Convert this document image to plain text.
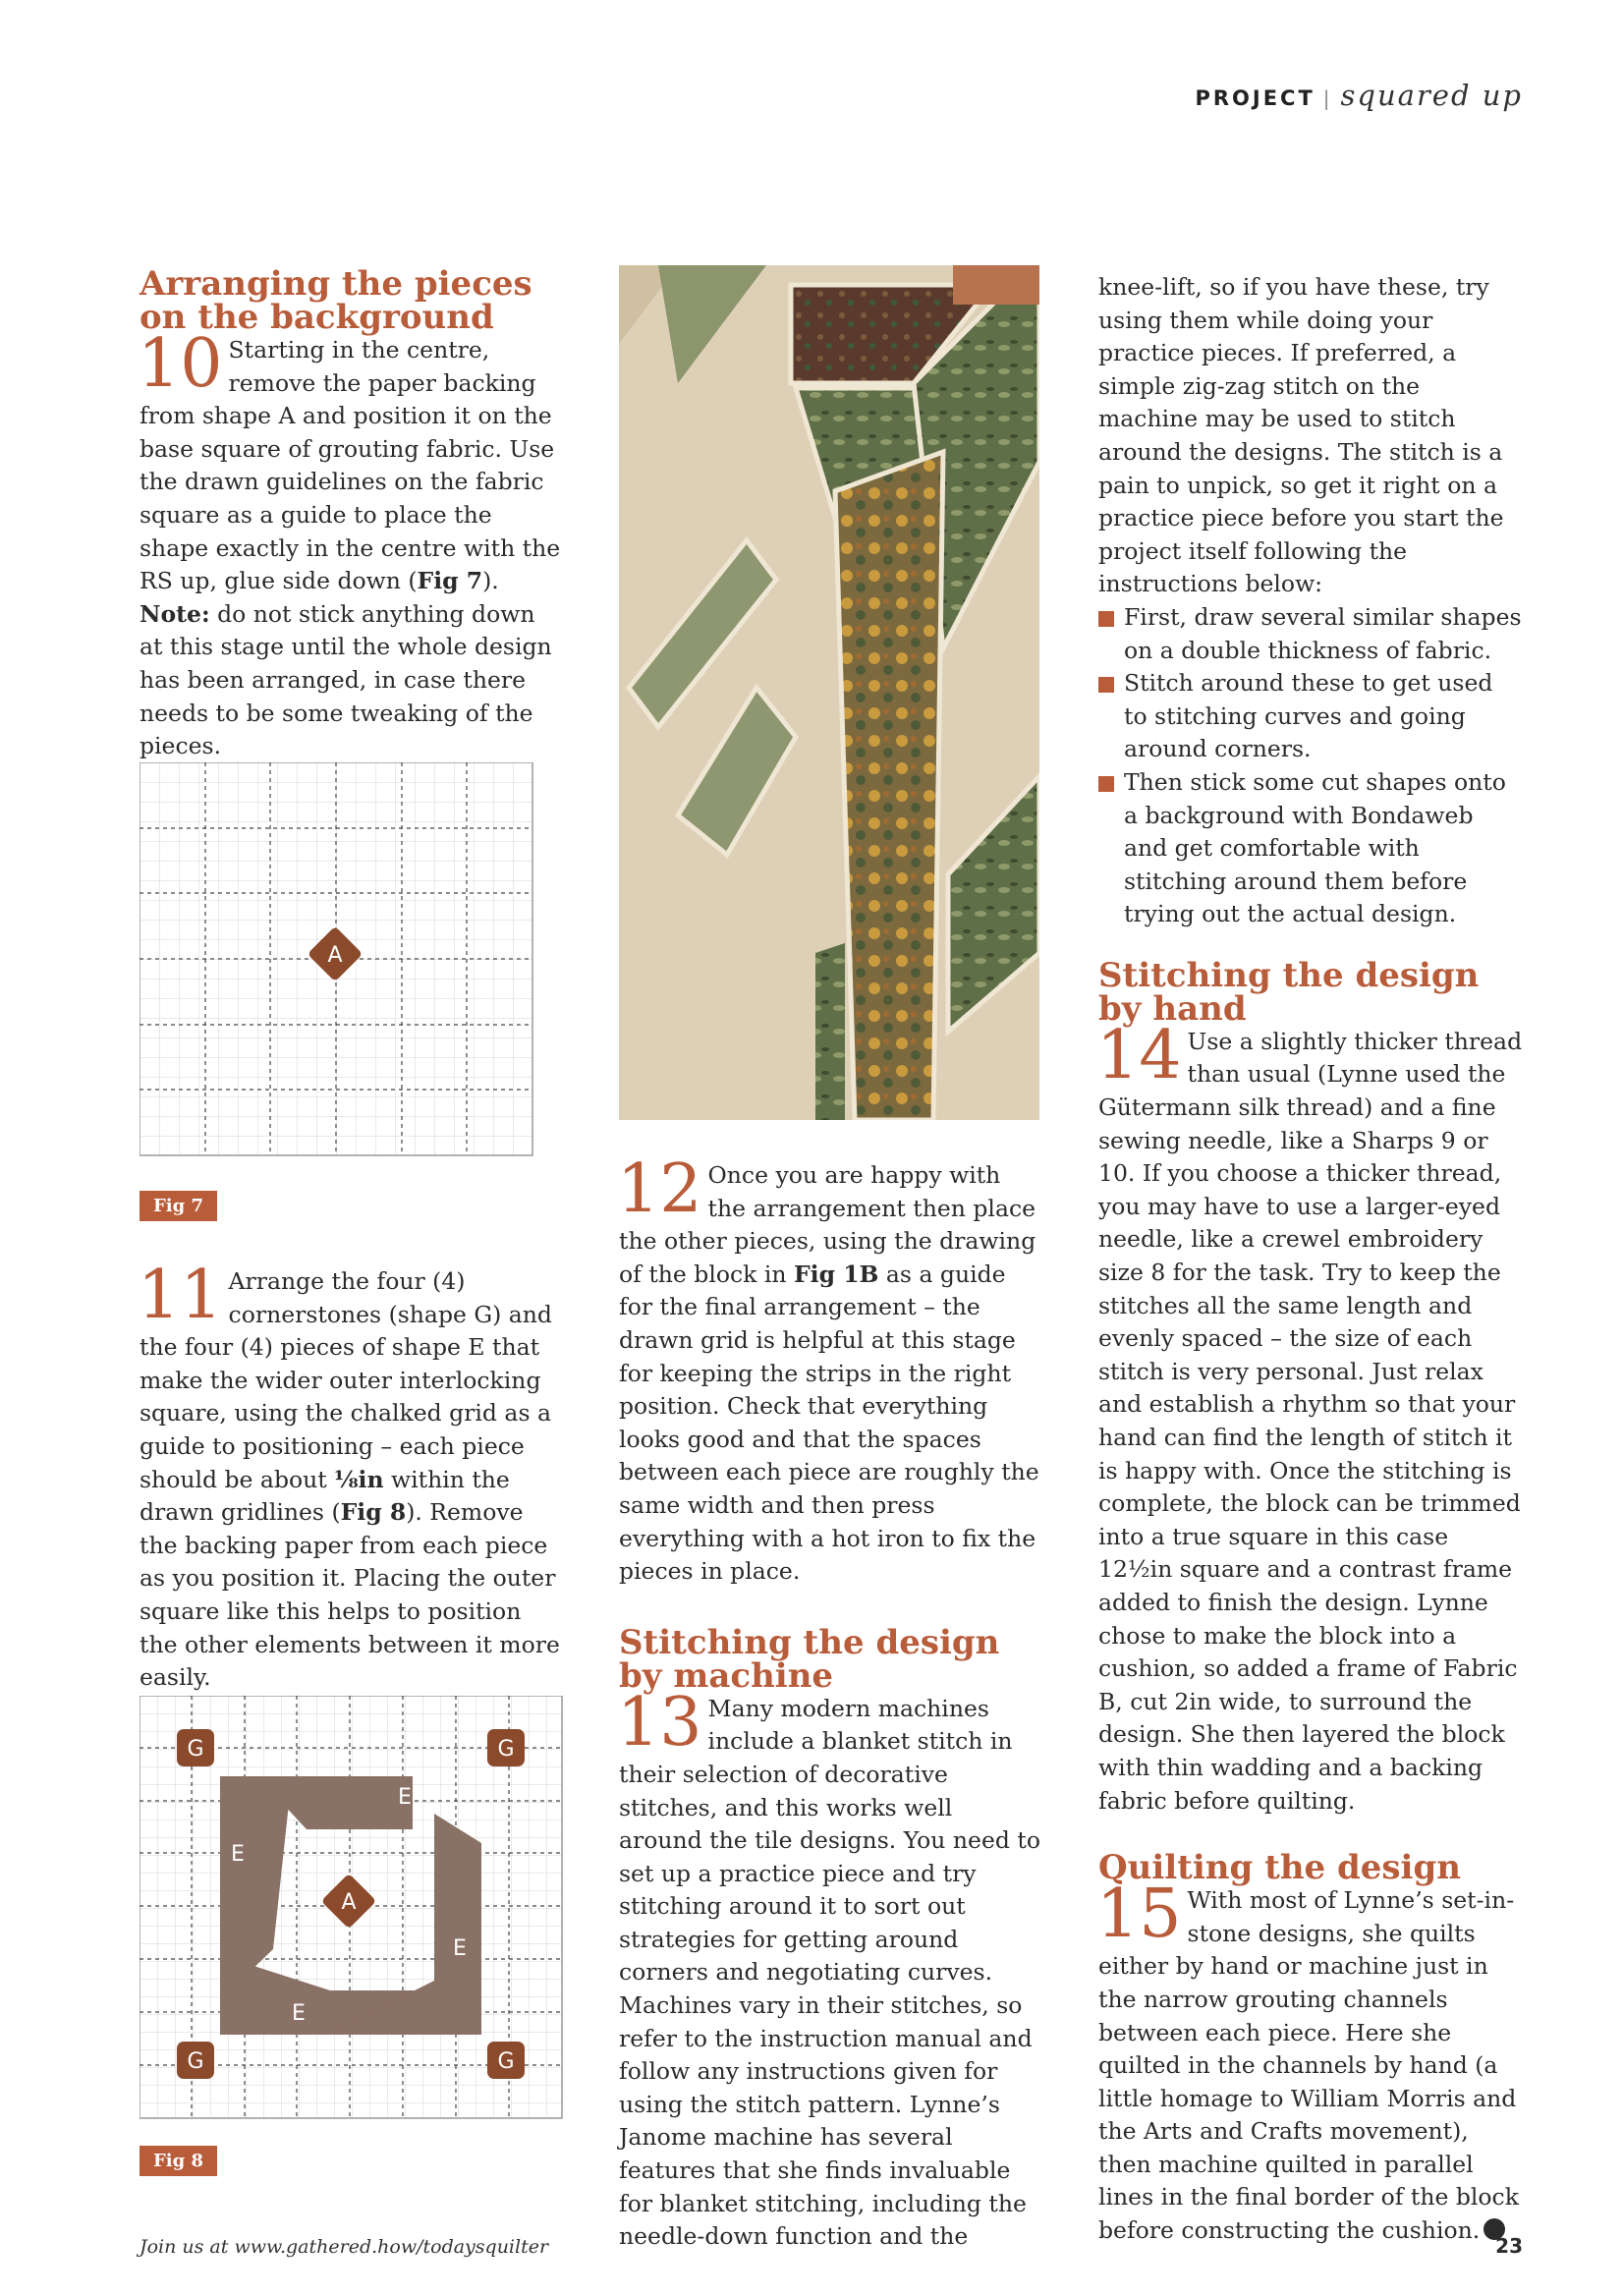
PROJECT | squared up
Arranging the pieces on the background

10 Starting in the centre, remove the paper backing from shape A and position it on the base square of grouting fabric. Use the drawn guidelines on the fabric square as a guide to place the shape exactly in the centre with the RS up, glue side down (Fig 7). Note: do not stick anything down at this stage until the whole design has been arranged, in case there needs to be some tweaking of the pieces.

A
Fig 7

11 Arrange the four (4) cornerstones (shape G) and the four (4) pieces of shape E that make the wider outer interlocking square, using the chalked grid as a guide to positioning – each piece should be about ⅛in within the drawn gridlines (Fig 8). Remove the backing paper from each piece as you position it. Placing the outer square like this helps to position the other elements between it more easily.

G	G
G	G
E
E
E
E
A
Fig 8

12 Once you are happy with the arrangement then place the other pieces, using the drawing of the block in Fig 1B as a guide for the final arrangement – the drawn grid is helpful at this stage for keeping the strips in the right position. Check that everything looks good and that the spaces between each piece are roughly the same width and then press everything with a hot iron to fix the pieces in place.

Stitching the design by machine

13 Many modern machines include a blanket stitch in their selection of decorative stitches, and this works well around the tile designs. You need to set up a practice piece and try stitching around it to sort out strategies for getting around corners and negotiating curves. Machines vary in their stitches, so refer to the instruction manual and follow any instructions given for using the stitch pattern. Lynne’s Janome machine has several features that she finds invaluable for blanket stitching, including the needle-down function and the

knee-lift, so if you have these, try using them while doing your practice pieces. If preferred, a simple zig-zag stitch on the machine may be used to stitch around the designs. The stitch is a pain to unpick, so get it right on a practice piece before you start the project itself following the instructions below:

First, draw several similar shapes on a double thickness of fabric.
Stitch around these to get used to stitching curves and going around corners.
Then stick some cut shapes onto a background with Bondaweb and get comfortable with stitching around them before trying out the actual design.
Stitching the design by hand

14 Use a slightly thicker thread than usual (Lynne used the Gütermann silk thread) and a fine sewing needle, like a Sharps 9 or 10. If you choose a thicker thread, you may have to use a larger-eyed needle, like a crewel embroidery size 8 for the task. Try to keep the stitches all the same length and evenly spaced – the size of each stitch is very personal. Just relax and establish a rhythm so that your hand can find the length of stitch it is happy with. Once the stitching is complete, the block can be trimmed into a true square in this case 12½in square and a contrast frame added to finish the design. Lynne chose to make the block into a cushion, so added a frame of Fabric B, cut 2in wide, to surround the design. She then layered the block with thin wadding and a backing fabric before quilting.

Quilting the design

15 With most of Lynne’s set-in-stone designs, she quilts either by hand or machine just in the narrow grouting channels between each piece. Here she quilted in the channels by hand (a little homage to William Morris and the Arts and Crafts movement), then machine quilted in parallel lines in the final border of the block before constructing the cushion.

Join us at www.gathered.how/todaysquilter	23
